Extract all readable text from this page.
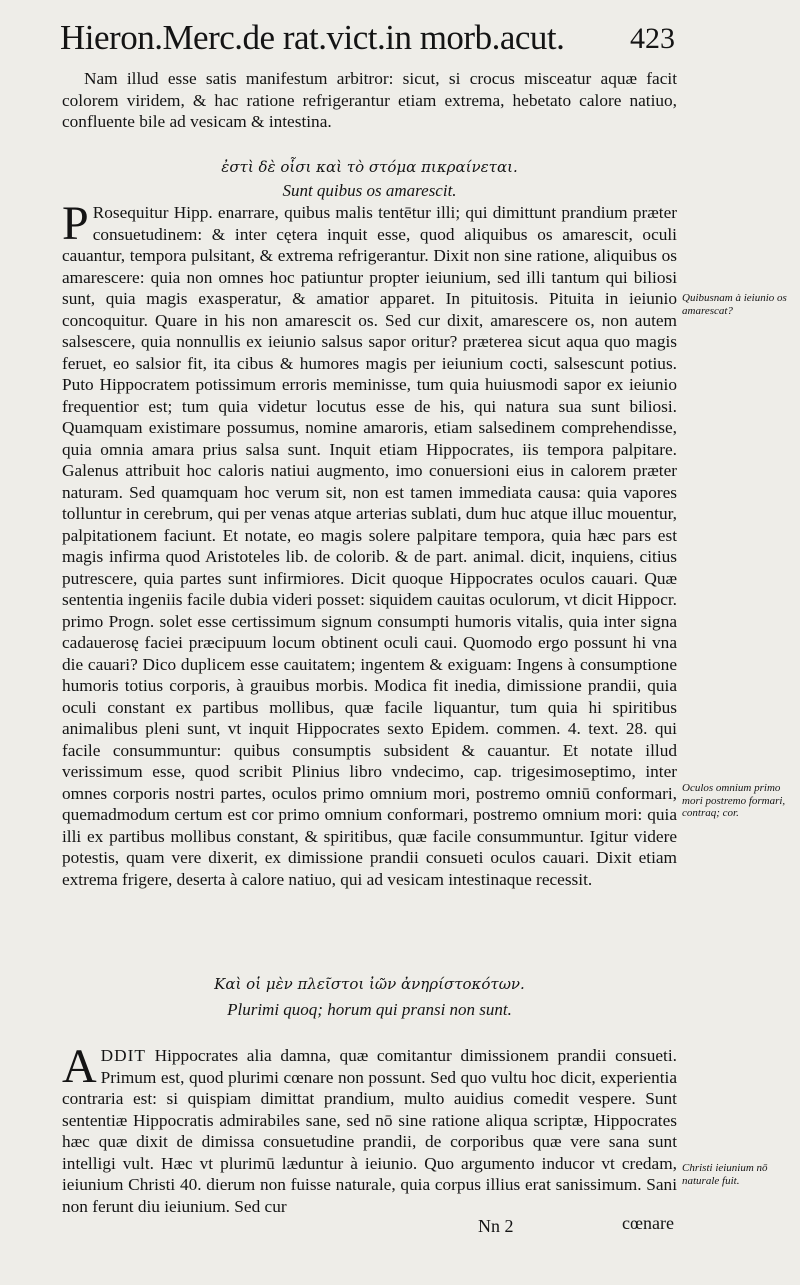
Hieron.Merc.de rat.vict.in morb.acut. 423
Nam illud esse satis manifestum arbitror: sicut, si crocus misceatur aquæ facit colorem viridem, & hac ratione refrigerantur etiam extrema, hebetato calore natiuo, confluente bile ad vesicam & intestina.
ἐστὶ δὲ οἷσι καὶ τὸ στόμα πικραίνεται.
Sunt quibus os amarescit.
P Rosequitur Hipp. enarrare, quibus malis tentētur illi; qui dimittunt prandium præter consuetudinem: & inter cętera inquit esse, quod aliquibus os amarescit, oculi cauantur, tempora pulsitant, & extrema refrigerantur. Dixit non sine ratione, aliquibus os amarescere: quia non omnes hoc patiuntur propter ieiunium, sed illi tantum qui biliosi sunt, quia magis exasperatur, & amatior apparet. In pituitosis. Pituita in ieiunio concoquitur. Quare in his non amarescit os. Sed cur dixit, amarescere os, non autem salsescere, quia nonnullis ex ieiunio salsus sapor oritur? præterea sicut aqua quo magis feruet, eo salsior fit, ita cibus & humores magis per ieiunium cocti, salsescunt potius. Puto Hippocratem potissimum erroris meminisse, tum quia huiusmodi sapor ex ieiunio frequentior est; tum quia videtur locutus esse de his, qui natura sua sunt biliosi. Quamquam existimare possumus, nomine amaroris, etiam salsedinem comprehendisse, quia omnia amara prius salsa sunt. Inquit etiam Hippocrates, iis tempora palpitare. Galenus attribuit hoc caloris natiui augmento, imo conuersioni eius in calorem præter naturam. Sed quamquam hoc verum sit, non est tamen immediata causa: quia vapores tolluntur in cerebrum, qui per venas atque arterias sublati, dum huc atque illuc mouentur, palpitationem faciunt. Et notate, eo magis solere palpitare tempora, quia hæc pars est magis infirma quod Aristoteles lib. de colorib. & de part. animal. dicit, inquiens, citius putrescere, quia partes sunt infirmiores. Dicit quoque Hippocrates oculos cauari. Quæ sententia ingeniis facile dubia videri posset: siquidem cauitas oculorum, vt dicit Hippocr. primo Progn. solet esse certissimum signum consumpti humoris vitalis, quia inter signa cadauerosę faciei præcipuum locum obtinent oculi caui. Quomodo ergo possunt hi vna die cauari? Dico duplicem esse cauitatem; ingentem & exiguam: Ingens à consumptione humoris totius corporis, à grauibus morbis. Modica fit inedia, dimissione prandii, quia oculi constant ex partibus mollibus, quæ facile liquantur, tum quia hi spiritibus animalibus pleni sunt, vt inquit Hippocrates sexto Epidem. commen. 4. text. 28. qui facile consummuntur: quibus consumptis subsident & cauantur. Et notate illud verissimum esse, quod scribit Plinius libro vndecimo, cap. trigesimoseptimo, inter omnes corporis nostri partes, oculos primo omnium mori, postremo omniū conformari, quemadmodum certum est cor primo omnium conformari, postremo omnium mori: quia illi ex partibus mollibus constant, & spiritibus, quæ facile consummuntur. Igitur videre potestis, quam vere dixerit, ex dimissione prandii consueti oculos cauari. Dixit etiam extrema frigere, deserta à calore natiuo, qui ad vesicam intestinaque recessit.
Καὶ οἱ μὲν πλεῖστοι ἰῶν ἀνηρίστοκότων.
Plurimi quoq; horum qui pransi non sunt.
ADDIT Hippocrates alia damna, quæ comitantur dimissionem prandii consueti. Primum est, quod plurimi cœnare non possunt. Sed quo vultu hoc dicit, experientia contraria est: si quispiam dimittat prandium, multo auidius comedit vespere. Sunt sententiæ Hippocratis admirabiles sane, sed nō sine ratione aliqua scriptæ, Hippocrates hæc quæ dixit de dimissa consuetudine prandii, de corporibus quæ vere sana sunt intelligi vult. Hæc vt plurimū læduntur à ieiunio. Quo argumento inducor vt credam, ieiunium Christi 40. dierum non fuisse naturale, quia corpus illius erat sanissimum. Sani non ferunt diu ieiunium. Sed cur
Quibusnam à ieiunio os amarescat?
Oculos omnium primo mori postremo formari, contraq; cor.
Christi ieiunium nō naturale fuit.
Nn 2	cœnare
